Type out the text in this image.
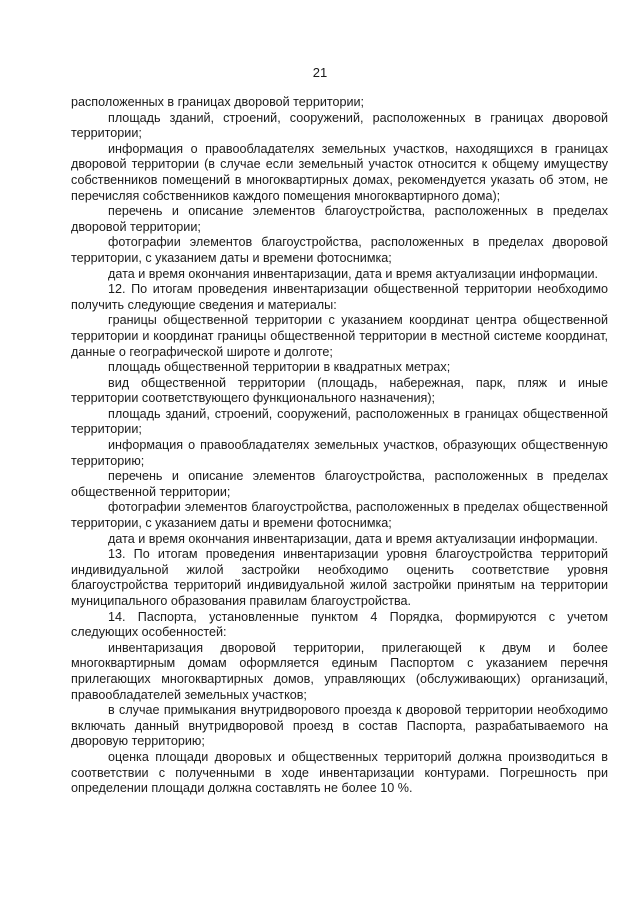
21

расположенных в границах дворовой территории;

площадь зданий, строений, сооружений, расположенных в границах дворовой территории;

информация о правообладателях земельных участков, находящихся в границах дворовой территории (в случае если земельный участок относится к общему имуществу собственников помещений в многоквартирных домах, рекомендуется указать об этом, не перечисляя собственников каждого помещения многоквартирного дома);

перечень и описание элементов благоустройства, расположенных в пределах дворовой территории;

фотографии элементов благоустройства, расположенных в пределах дворовой территории, с указанием даты и времени фотоснимка;

дата и время окончания инвентаризации, дата и время актуализации информации.

12. По итогам проведения инвентаризации общественной территории необходимо получить следующие сведения и материалы:

границы общественной территории с указанием координат центра общественной территории и координат границы общественной территории в местной системе координат, данные о географической широте и долготе;

площадь общественной территории в квадратных метрах;

вид общественной территории (площадь, набережная, парк, пляж и иные территории соответствующего функционального назначения);

площадь зданий, строений, сооружений, расположенных в границах общественной территории;

информация о правообладателях земельных участков, образующих общественную территорию;

перечень и описание элементов благоустройства, расположенных в пределах общественной территории;

фотографии элементов благоустройства, расположенных в пределах общественной территории, с указанием даты и времени фотоснимка;

дата и время окончания инвентаризации, дата и время актуализации информации.

13. По итогам проведения инвентаризации уровня благоустройства территорий индивидуальной жилой застройки необходимо оценить соответствие уровня благоустройства территорий индивидуальной жилой застройки принятым на территории муниципального образования правилам благоустройства.

14. Паспорта, установленные пунктом 4 Порядка, формируются с учетом следующих особенностей:

инвентаризация дворовой территории, прилегающей к двум и более многоквартирным домам оформляется единым Паспортом с указанием перечня прилегающих многоквартирных домов, управляющих (обслуживающих) организаций, правообладателей земельных участков;

в случае примыкания внутридворового проезда к дворовой территории необходимо включать данный внутридворовой проезд в состав Паспорта, разрабатываемого на дворовую территорию;

оценка площади дворовых и общественных территорий должна производиться в соответствии с полученными в ходе инвентаризации контурами. Погрешность при определении площади должна составлять не более 10 %.
